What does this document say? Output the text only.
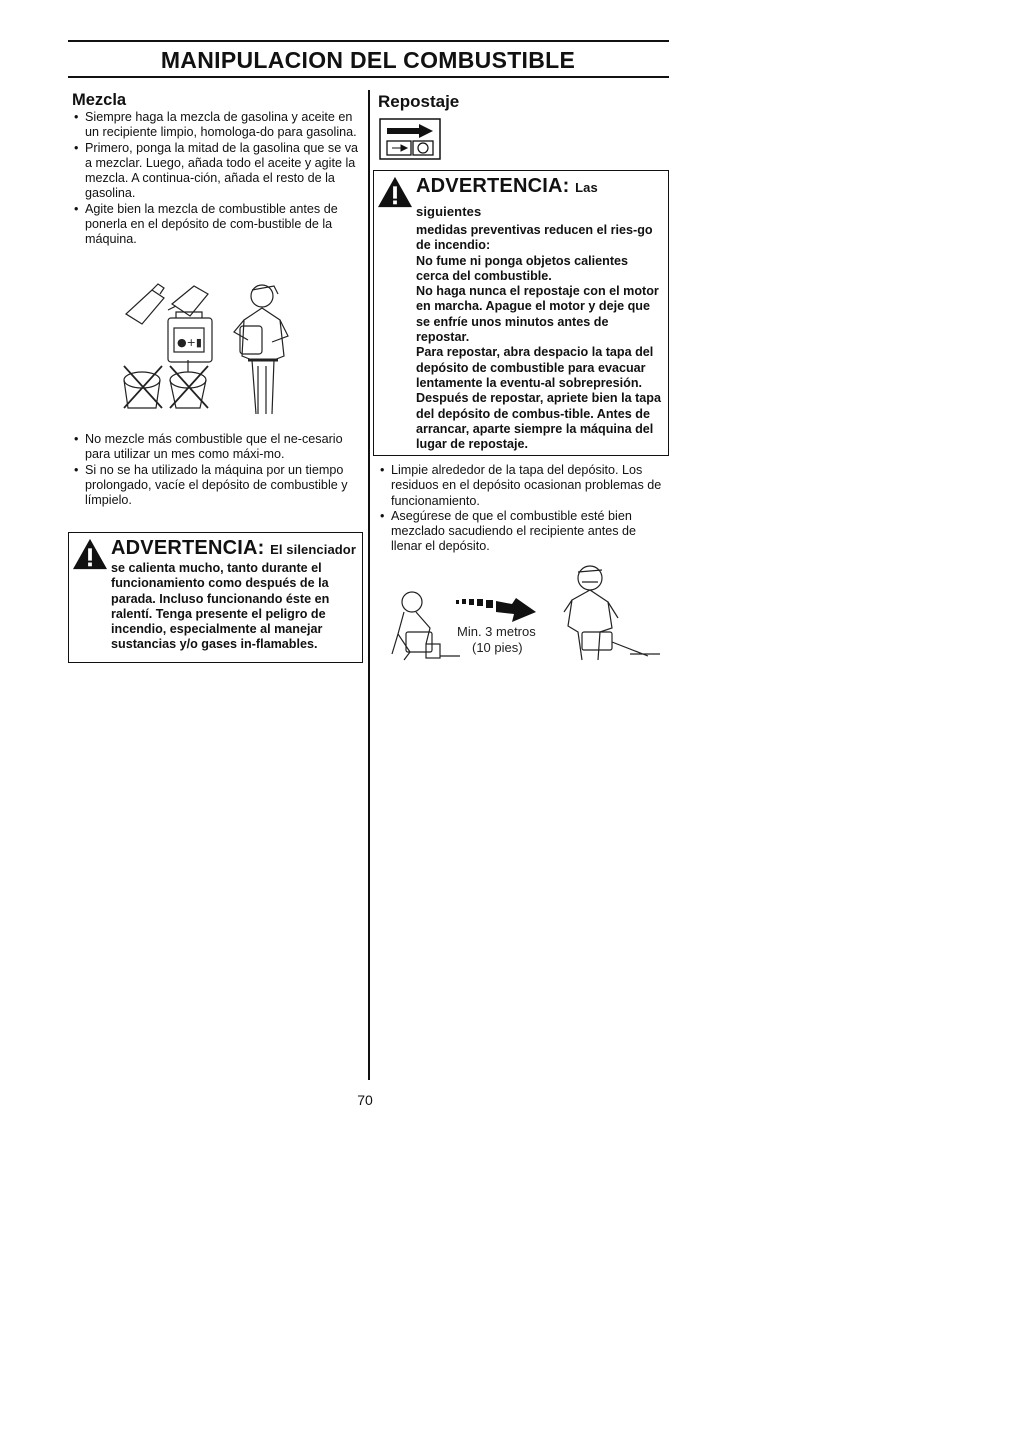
MANIPULACION DEL COMBUSTIBLE
Mezcla
• Siempre haga la mezcla de gasolina y aceite en un recipiente limpio, homologa-do para gasolina.
• Primero, ponga la mitad de la gasolina que se va a mezclar. Luego, añada todo el aceite y agite la mezcla. A continua-ción, añada el resto de la gasolina.
• Agite bien la mezcla de combustible antes de ponerla en el depósito de com-bustible de la máquina.
●+▮
• No mezcle más combustible que el ne-cesario para utilizar un mes como máxi-mo.
• Si no se ha utilizado la máquina por un tiempo prolongado, vacíe el depósito de combustible y límpielo.
ADVERTENCIA: El silenciador

se calienta mucho, tanto durante el funcionamiento como después de la parada. Incluso funcionando éste en ralentí. Tenga presente el peligro de incendio, especialmente al manejar sustancias y/o gases in-flamables.

Repostaje
ADVERTENCIA: Las siguientes

medidas preventivas reducen el ries-go de incendio:

No fume ni ponga objetos calientes cerca del combustible.

No haga nunca el repostaje con el motor en marcha. Apague el motor y deje que se enfríe unos minutos antes de repostar.

Para repostar, abra despacio la tapa del depósito de combustible para evacuar lentamente la eventu-al sobrepresión.

Después de repostar, apriete bien la tapa del depósito de combus-tible. Antes de arrancar, aparte siempre la máquina del lugar de repostaje.

• Limpie alrededor de la tapa del depósito. Los residuos en el depósito ocasionan problemas de funcionamiento.
• Asegúrese de que el combustible esté bien mezclado sacudiendo el recipiente antes de llenar el depósito.
Min. 3 metros
(10 pies)
70
